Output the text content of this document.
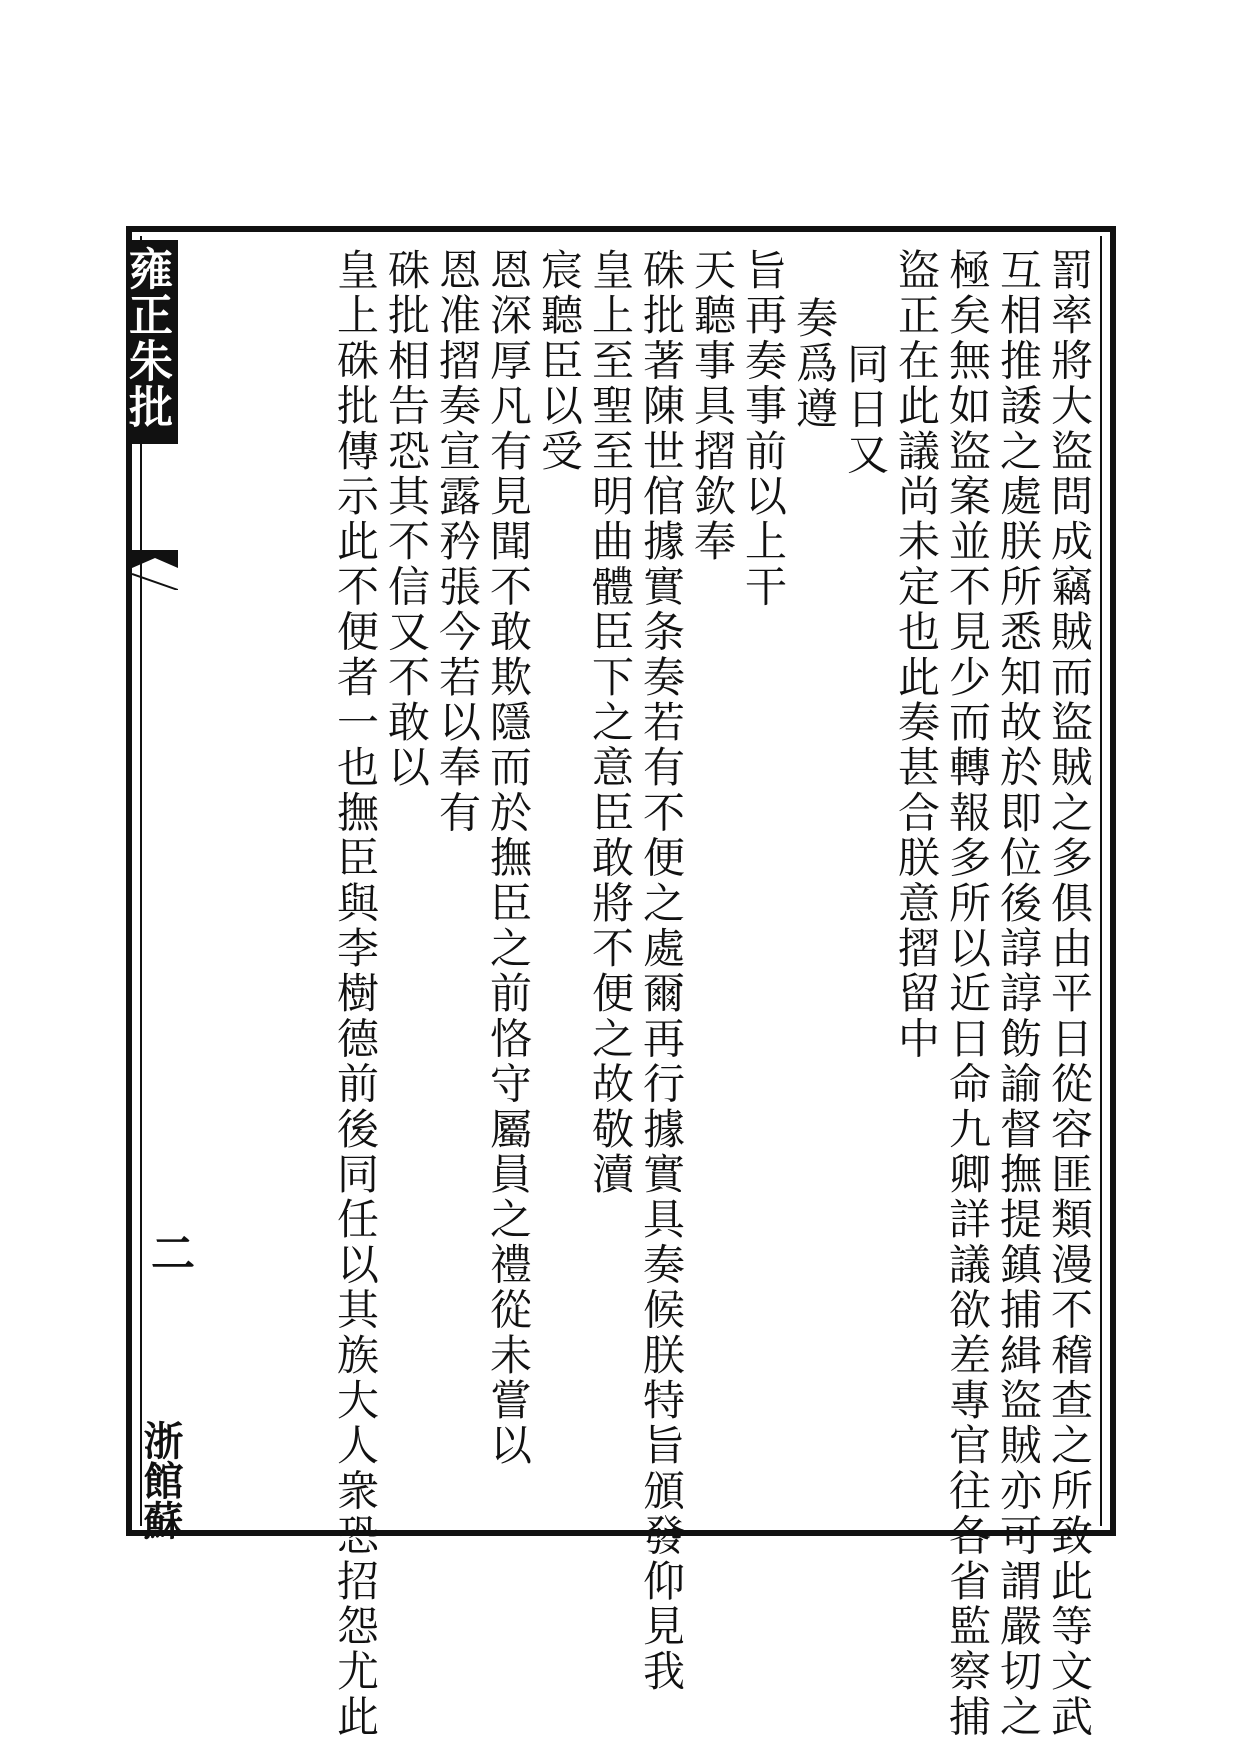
雍正朱批
二
浙館蘇	罰率將大盜問成竊賊而盜賊之多俱由平日從容匪類漫不稽查之所致此等文武
互相推諉之處朕所悉知故於即位後諄諄飭諭督撫提鎮捕緝盜賊亦可謂嚴切之
極矣無如盜案並不見少而轉報多所以近日命九卿詳議欲差專官往各省監察捕
盜正在此議尚未定也此奏甚合朕意摺留中
同日又
奏爲遵
旨再奏事前以上干
天聽事具摺欽奉
硃批著陳世倌據實条奏若有不便之處爾再行據實具奏候朕特旨頒發仰見我
皇上至聖至明曲體臣下之意臣敢將不便之故敬瀆
宸聽臣以受
恩深厚凡有見聞不敢欺隱而於撫臣之前恪守屬員之禮從未嘗以
恩准摺奏宣露矜張今若以奉有
硃批相告恐其不信又不敢以
皇上硃批傳示此不便者一也撫臣與李樹德前後同任以其族大人衆恐招怨尤此
